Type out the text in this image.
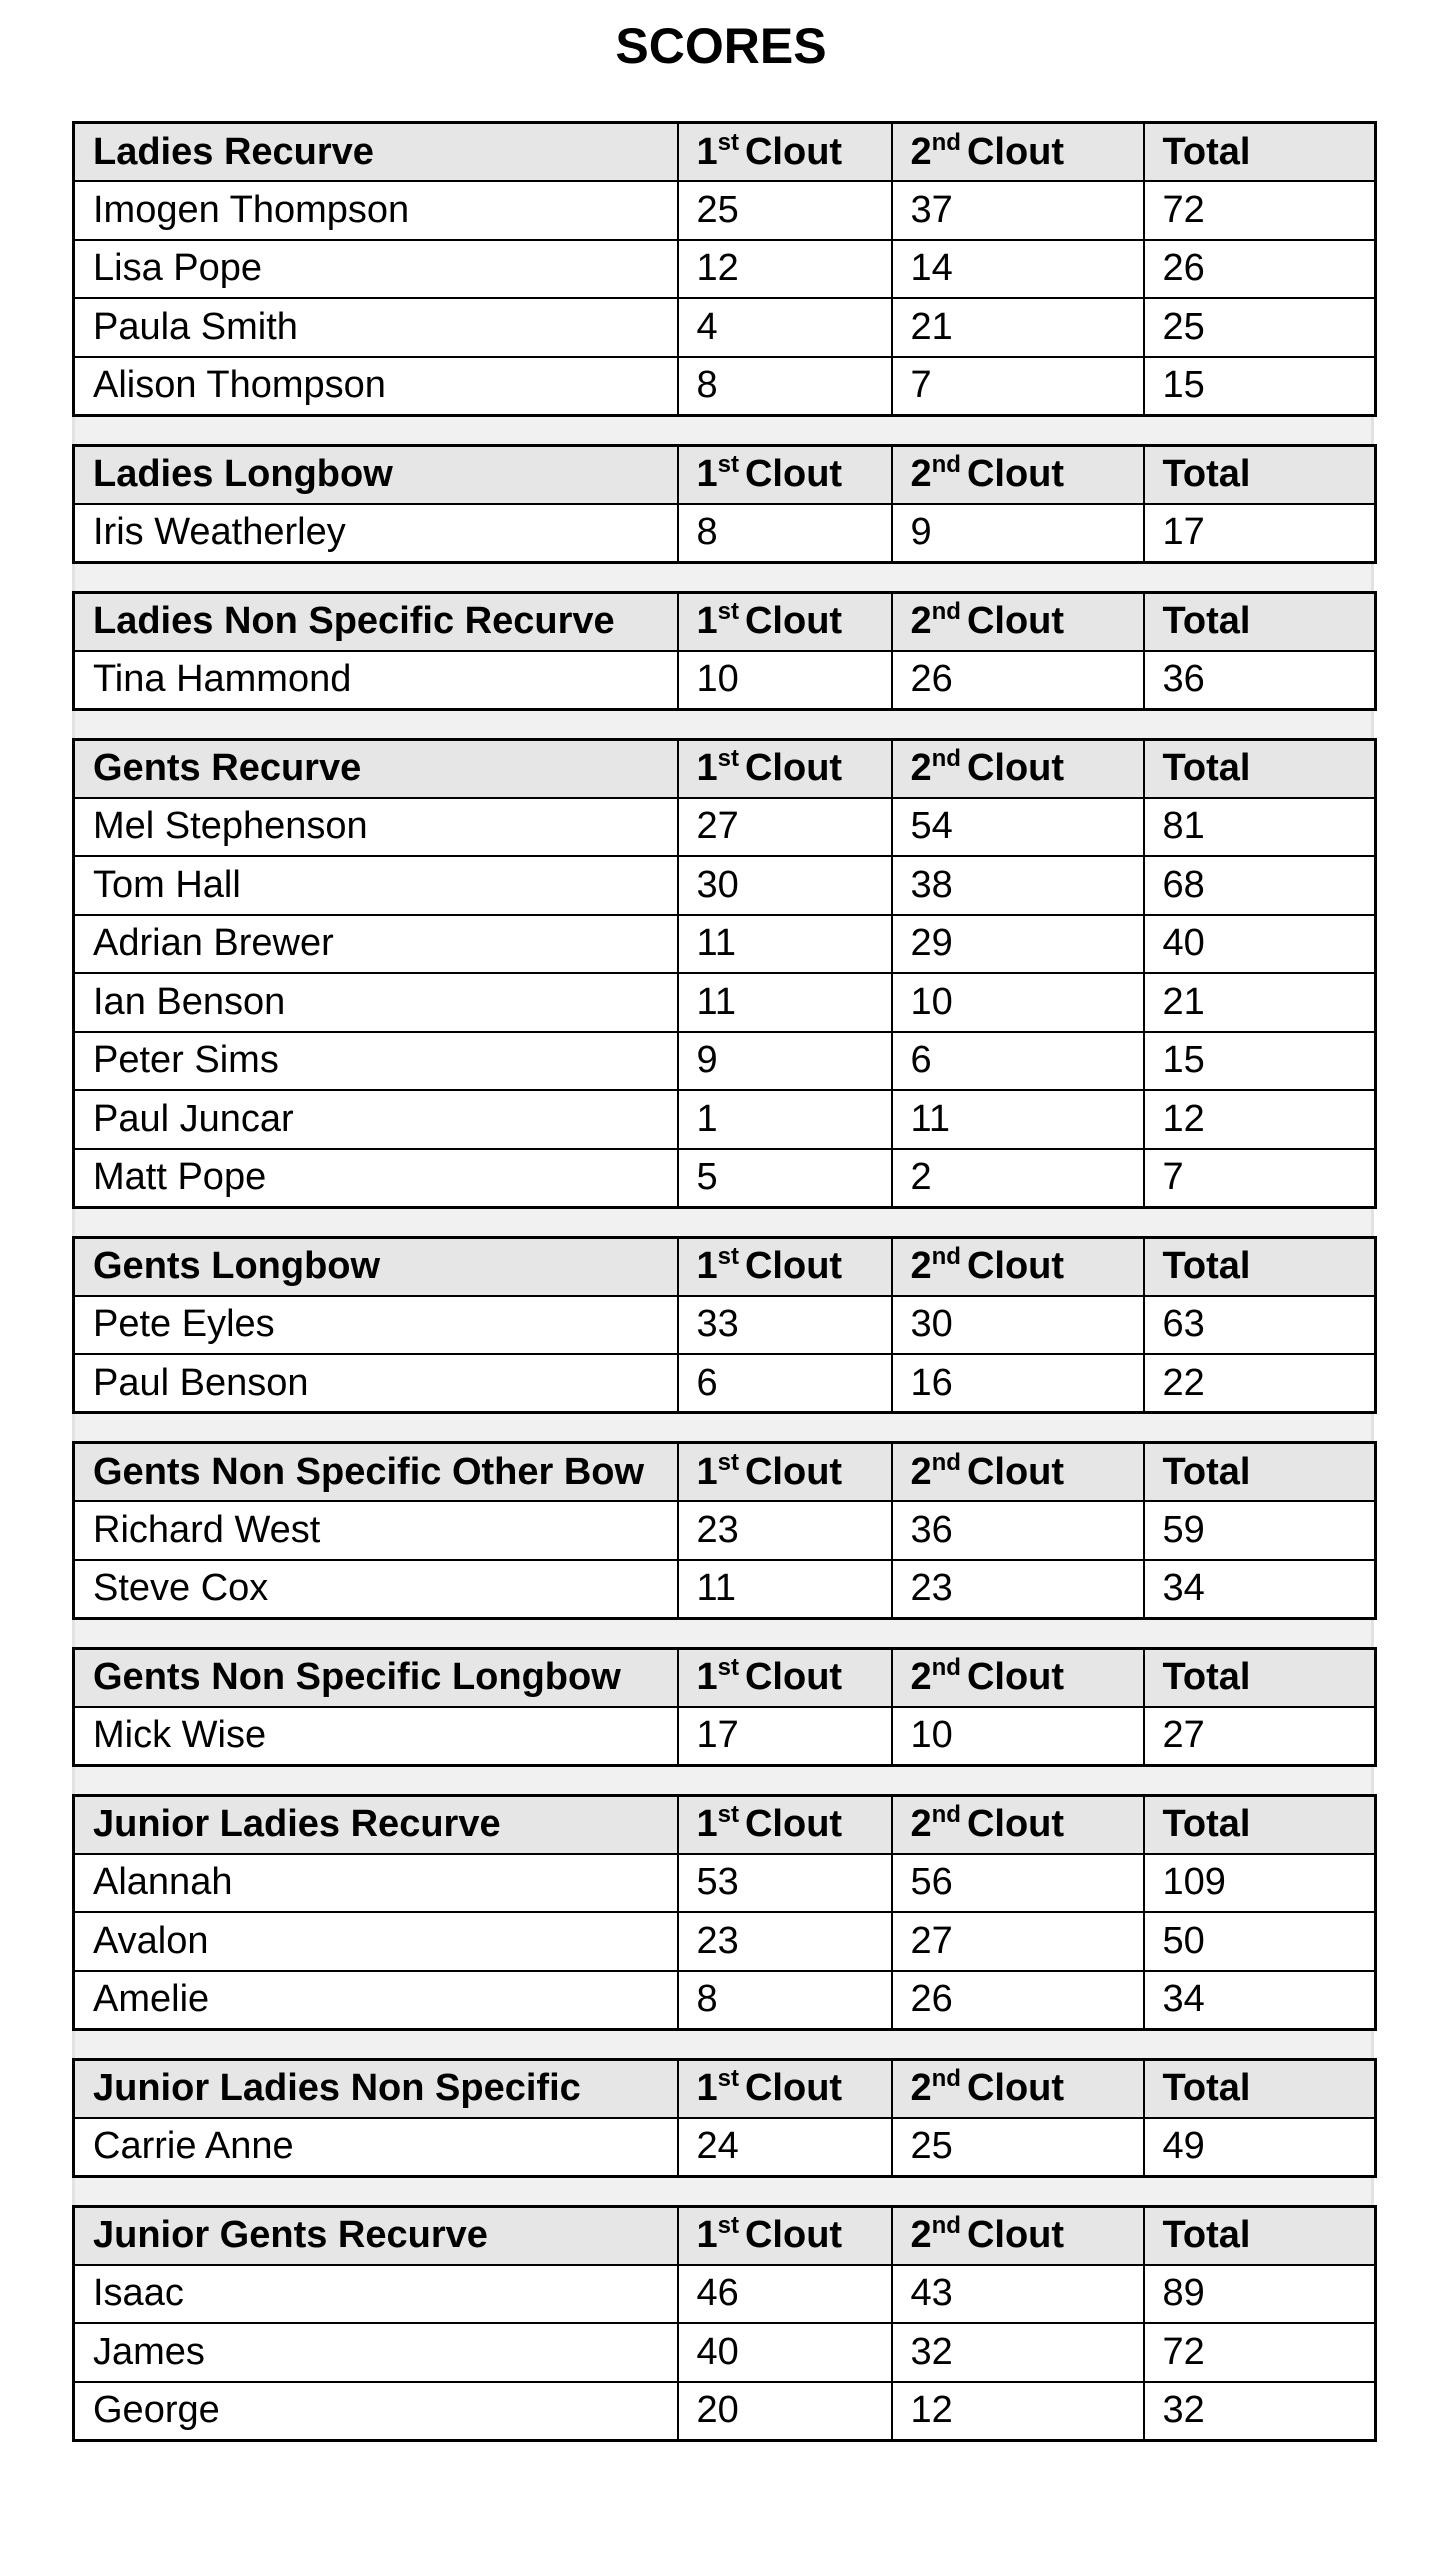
SCORES
Ladies Recurve	1st Clout	2nd Clout	Total
Imogen Thompson	25	37	72
Lisa Pope	12	14	26
Paula Smith	4	21	25
Alison Thompson	8	7	15
Ladies Longbow	1st Clout	2nd Clout	Total
Iris Weatherley	8	9	17
Ladies Non Specific Recurve	1st Clout	2nd Clout	Total
Tina Hammond	10	26	36
Gents Recurve	1st Clout	2nd Clout	Total
Mel Stephenson	27	54	81
Tom Hall	30	38	68
Adrian Brewer	11	29	40
Ian Benson	11	10	21
Peter Sims	9	6	15
Paul Juncar	1	11	12
Matt Pope	5	2	7
Gents Longbow	1st Clout	2nd Clout	Total
Pete Eyles	33	30	63
Paul Benson	6	16	22
Gents Non Specific Other Bow	1st Clout	2nd Clout	Total
Richard West	23	36	59
Steve Cox	11	23	34
Gents Non Specific Longbow	1st Clout	2nd Clout	Total
Mick Wise	17	10	27
Junior Ladies Recurve	1st Clout	2nd Clout	Total
Alannah	53	56	109
Avalon	23	27	50
Amelie	8	26	34
Junior Ladies Non Specific	1st Clout	2nd Clout	Total
Carrie Anne	24	25	49
Junior Gents Recurve	1st Clout	2nd Clout	Total
Isaac	46	43	89
James	40	32	72
George	20	12	32
